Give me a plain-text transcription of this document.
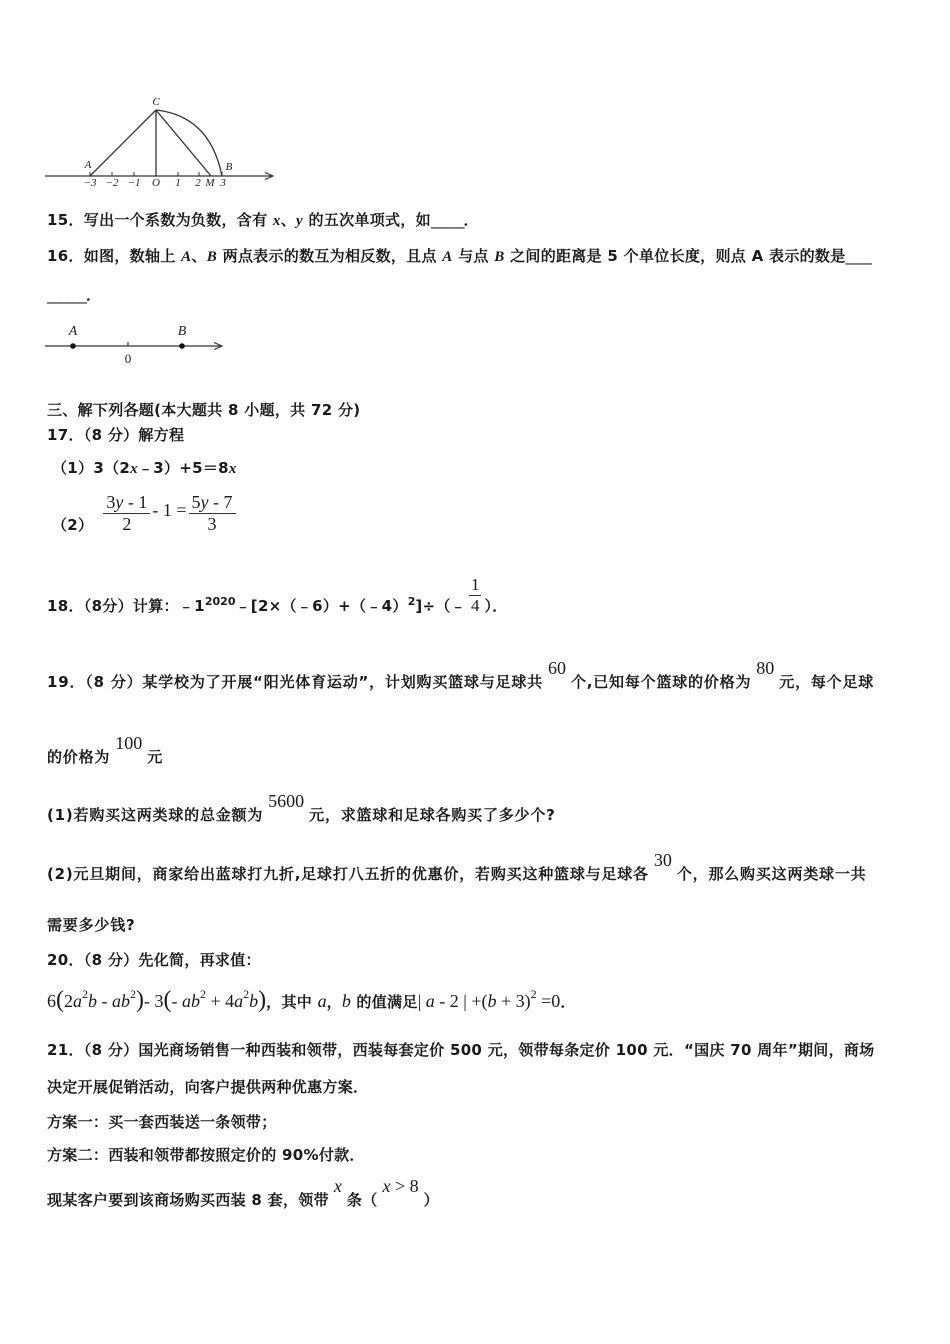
C
A	B
−3 −2 −1 O 1 2 M 3
15．写出一个系数为负数，含有 x、y 的五次单项式，如_____．
16．如图，数轴上 A、B 两点表示的数互为相反数，且点 A 与点 B 之间的距离是 5 个单位长度，则点 A 表示的数是____
______．
A	B
0
三、解下列各题(本大题共 8 小题，共 72 分)
17．（8 分）解方程
（1）3（2x﹣3）+5＝8x
$(2) \frac{3y - 1}{2} - 1 = \frac{5y - 7}{3}$
18．（8分）计算：$﹣1^{2020}﹣[2\times(﹣6)+(﹣4)^2]\div(﹣ \frac{1}{4}$ ）．
19．（8 分）某学校为了开展“阳光体育运动”，计划购买篮球与足球共60个,已知每个篮球的价格为80元，每个足球
的价格为100元
(1)若购买这两类球的总金额为5600元，求篮球和足球各购买了多少个?
(2)元旦期间，商家给出蓝球打九折,足球打八五折的优惠价，若购买这种篮球与足球各30个，那么购买这两类球一共
需要多少钱?
20．（8 分）先化简，再求值：
$6(2a^2b - ab^2)-$ 3(- $ab^2 + 4a^2b$)，其中 a，b 的值满足| a - 2 | $+(b + 3)^2 =0$．
21．（8 分）国光商场销售一种西装和领带，西装每套定价 500 元，领带每条定价 100 元．“国庆 70 周年”期间，商场
决定开展促销活动，向客户提供两种优惠方案．
方案一：买一套西装送一条领带；
方案二：西装和领带都按照定价的 90%付款．
现某客户要到该商场购买西装 8 套，领带x条（x > 8）
